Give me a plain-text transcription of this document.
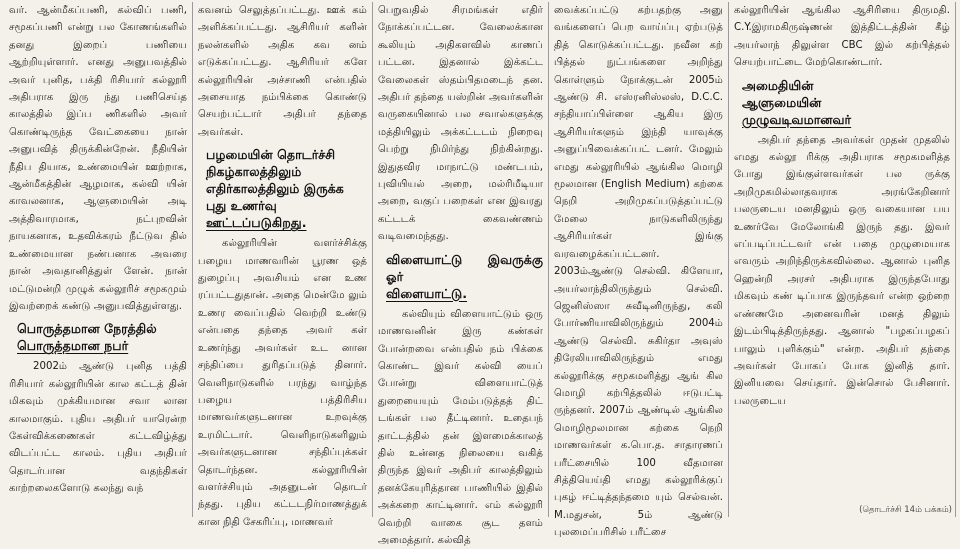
வர். ஆன்மீகப்பணி, கல்விப் பணி, சமூகப்பணி என்று பல கோணங்களில் தனது இறைப் பணியை ஆற்றியுள்ளார். எனது அனுபவத்தில் அவர் புனித, பக்தி ரிசியார் கல்லூரி அதிபராக இரு ந்து பணிசெய்த காலத்தில் இப்ப ணிகளில் அவர் கொண்டிருந்த வேட்கையை நான் அனுபவித் திருக்கின்றேன். நீதியின் நீதிப தியாக, உண்மையின் ஊற்றாக, ஆன்மீகத்தின் ஆழமாக, கல்வி யின் காவலனாக, ஆளுமையின் அடி அத்திவாரமாக, நட்புறவின் நாயகனாக, உதவிக்கரம் நீட்டுவ தில் உண்மையான நண்பனாக அவரை நான் அவதானித்துள் ளேன். நான் மட்டுமன்றி முழுக் கல்லூரிச் சமூகமும் இவற்றைக் கண்டு அனுபவித்துள்ளது.

பொருத்தமான நேரத்தில்
பொருத்தமான நபர்

2002ம் ஆண்டு புனித பத்தி ரிசியார் கல்லூரியின் கால கட்டத் தின் மிகவும் முக்கியமான சவா லான காலமாகும். புதிய அதிபர் யாரென்ற கேள்விக்கணைகள் கட்டவிழ்த்து விடப்பட்ட காலம். புதிய அதிபர் தொடர்பான வதந்திகள் காற்றலைகளோடு கலந்து வந்

கவனம் செலுத்தப்பட்டது. ஊக் கம் அளிக்கப்பட்டது. ஆசிரியர் களின் நலன்களில் அதிக கவ னம் எடுக்கப்பட்டது. ஆசிரியர் களே கல்லூரியின் அச்சாணி என்பதில் அசையாத நம்பிக்கை கொண்டு செயற்பட்டார் அதிபர் தந்தை அவர்கள்.

பழமையின் தொடர்ச்சி
நிகழ்காலத்திலும்
எதிர்காலத்திலும் இருக்க
புது உணர்வு
ஊட்டப்படுகிறது.

கல்லூரியின் வளர்ச்சிக்கு பழைய மாணவரின் பூரண ஒத் துழைப்பு அவசியம் என உண ரப்பட்டதுதான். அதை மென்மே லும் உணர வைப்பதில் வெற்றி உண்டு என்பதை தந்தை அவர் கள் உணர்ந்து அவர்கள் உட னான சந்திப்பை துரிதப்படுத் தினார். வெளிநாடுகளில் பரந்து வாழ்ந்த பழைய பத்திரிசிய மாணவர்களுடனான உறவுக்கு உரமிட்டார். வெளிநாடுகளிலும் அவர்களுடனான சந்திப்புக்கள் தொடர்ந்தன. கல்லூரியின் வளர்ச்சியும் அதனுடன் தொடர் ந்தது. புதிய கட்டடநிர்மாணத்துக் கான நிதி சேகரிப்பு, மாணவர்

பெறுவதில் சிரமங்கள் எதிர் நோக்கப்பட்டன. வேலைக்கான கூலியும் அதிகளவில் காணப் பட்டன. இதனால் இக்கட்ட வேலைகள் ஸ்தம்பிதமடைந் தன. அதிபர் தந்தை யஸ்றின் அவர்களின் வருகையினால் பல சவால்களுக்கு மத்தியிலும் அக்கட்டடம் நிறைவு பெற்று நிமிர்ந்து நிற்கின்றது. இதுதவிர மாநாட்டு மண்டபம், புவியியல் அறை, மல்ரிமீடியா அறை, வகுப் பறைகள் என இவரது கட்டடக் கைவண்ணம் வடிவமைந்தது.

விளையாட்டு இவருக்கு ஓர்
விளையாட்டு.

கல்வியும் விளையாட்டும் ஒரு மாணவனின் இரு கண்கள் போன்றவை என்பதில் நம் பிக்கை கொண்ட இவர் கல்வி யைப் போன்று விளையாட்டுத் துறையையும் மேம்படுத்தத் திட் டங்கள் பல தீட்டினார். உதைபந் தாட்டத்தில் தன் இளமைக்காலத் தில் உன்னத நிலையை வகித் திருந்த இவர் அதிபர் காலத்திலும் தனக்கேயுரித்தான பாணியில் இதில் அக்கறை காட்டினார். எம் கல்லூரி வெற்றி வாகை சூட தளம் அமைத்தார். கல்வித்

வைக்கப்பட்டு கற்பதற்கு அனு வங்களைப் பெற வாய்ப்பு ஏற்படுத் தித் கொடுக்கப்பட்டது. நவீன கற் பித்தல் நுட்பங்களை அறிந்து கொள்ளும் நோக்குடன் 2005ம் ஆண்டு சி. எஸ்ரனிஸ்லஸ், D.C.C. சந்தியாப்பிள்ளை ஆகிய இரு ஆசிரியர்களும் இந்தி யாவுக்கு அனுப்பிவைக்கப்பட் டனர். மேலும் எமது கல்லூரியில் ஆங்கில மொழி மூலமான (English Medium) கற்கை நெறி அறிமுகப்படுத்தப்பட்டு மேலை நாடுகளிலிருந்து ஆசிரியர்கள் இங்கு வரவழைக்கப்பட்டனர். 2003ம்ஆண்டு செல்வி. கிளேயா, அயர்லாந்திலிருந்தும் செல்வி. ஜெனிஸ்ஸா சுவீடினிருந்து, கலி போர்ணியாவிலிருந்தும் 2004ம் ஆண்டு செல்வி. சுகிர்தா அவுஸ் திரேலியாவிலிருந்தும் எமது கல்லூரிக்கு சமூகமளித்து ஆங் கில மொழி கற்பித்தலில் ஈடுபட்டி ருந்தனர். 2007ம் ஆண்டில் ஆங்கில மொழிமூலமான கற்கை நெறி மாணவர்கள் க.பொ.த. சாதாரணப் பரீட்சையில் 100 வீதமான சித்தியெய்தி எமது கல்லூரிக்குப் புகழ் ஈட்டித்தந்தமை யும் செல்வன். M.மதுசன், 5ம் ஆண்டு புலமைப்பரிசில் பரீட்சை

கல்லூரியின் ஆங்கில ஆசிரியை திருமதி. C.Y.இராமகிருஷ்ணன் இத்திட்டத்தின் கீழ் அயர்லாந் திலுள்ள CBC இல் கற்பித்தல் செயற்பாட்டை மேற்கொண்டார்.

அமைதியின்
ஆளுமையின்
முழுவடிவமானவர்

அதிபர் தந்தை அவர்கள் முதன் முதலில் எமது கல்லூ ரிக்கு அதிபராக சமூகமளித்த போது இங்குள்ளவர்கள் பல ருக்கு அறிமுகமில்லாதவராக அரங்கேறினார் பலருடைய மனதிலும் ஒரு வகையான பய உணர்வே மேலோங்கி இருந் தது. இவர் எப்படிப்பட்டவர் என் பதை முழுமையாக எவரும் அறிந்திருக்கவில்லை. ஆனால் புனித ஹென்றி அரசர் அதிபராக இருந்தபோது மிகவும் கண் டிப்பாக இருந்தவர் என்ற ஒற்றை எண்ணமே அனைவரின் மனத் திலும் இடம்பிடித்திருந்தது. ஆனால் "பழகப்பழகப் பாலும் புளிக்கும்" என்ற. அதிபர் தந்தை அவர்கள் போகப் போக இனித் தார். இனியவை செய்தார். இன்சொல் பேசினார். பலருடைய

(தொடர்ச்சி 14ம் பக்கம்)
